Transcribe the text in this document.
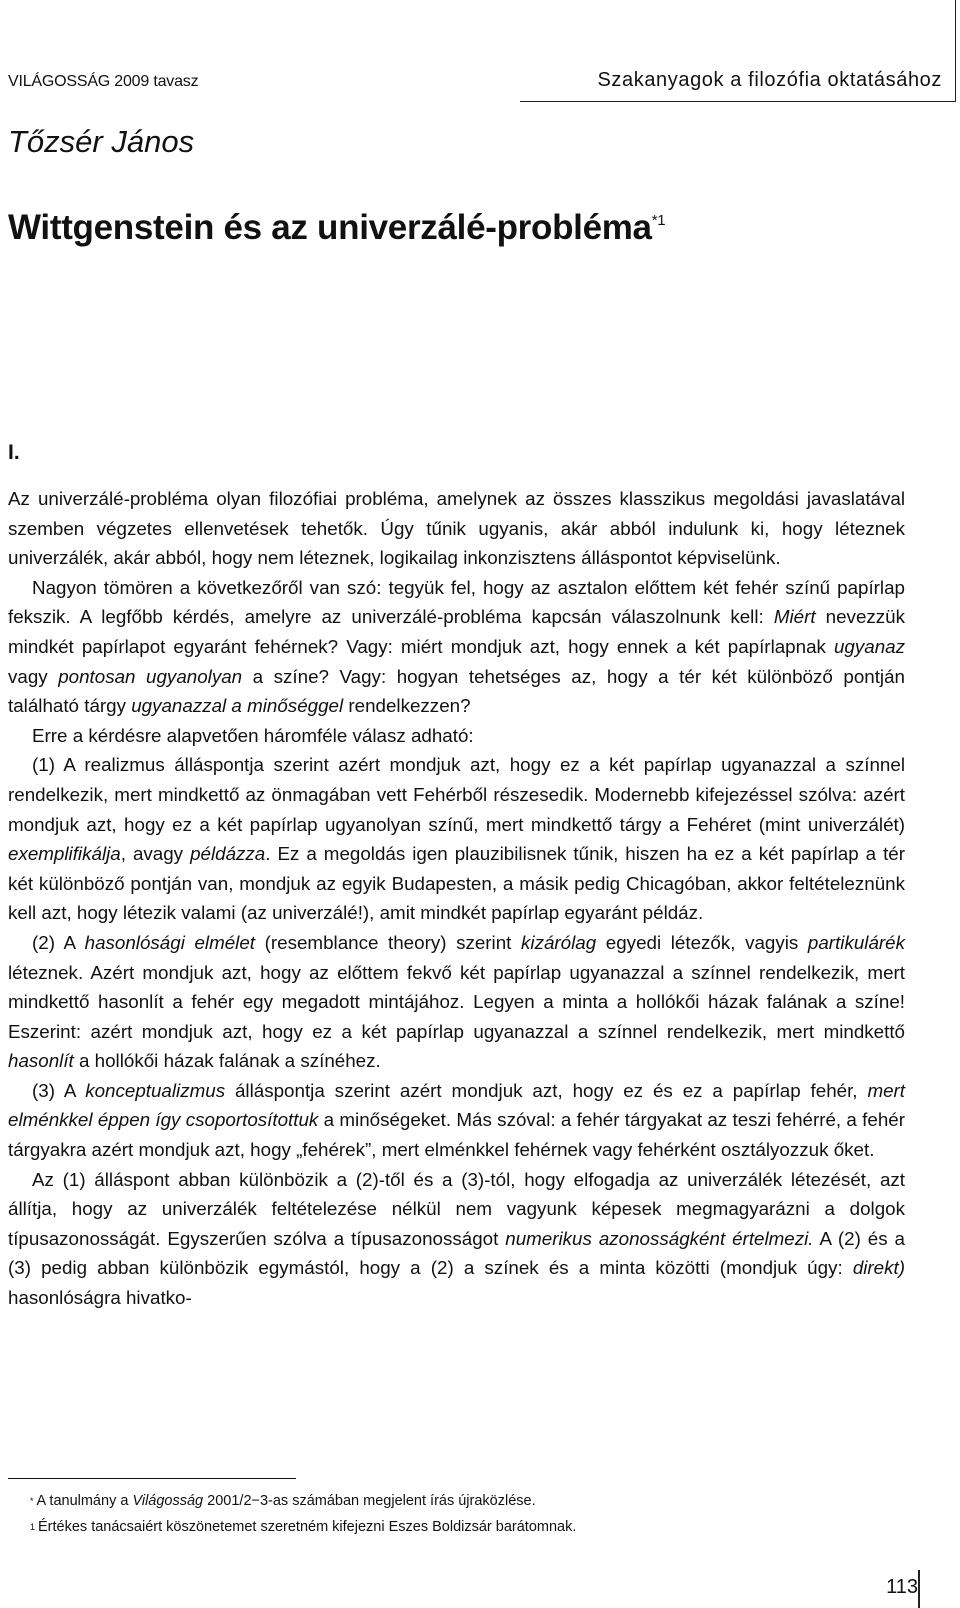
VILÁGOSSÁG 2009 tavasz	Szakanyagok a filozófia oktatásához
Tőzsér János
Wittgenstein és az univerzálé-probléma$^{*1}$
I.

Az univerzálé-probléma olyan filozófiai probléma, amelynek az összes klasszikus megoldási javaslatával szemben végzetes ellenvetések tehetők. Úgy tűnik ugyanis, akár abból indulunk ki, hogy léteznek univerzálék, akár abból, hogy nem léteznek, logikailag inkonzisztens álláspontot képviselünk.

Nagyon tömören a következőről van szó: tegyük fel, hogy az asztalon előttem két fehér színű papírlap fekszik. A legfőbb kérdés, amelyre az univerzálé-probléma kapcsán válaszolnunk kell: Miért nevezzük mindkét papírlapot egyaránt fehérnek? Vagy: miért mondjuk azt, hogy ennek a két papírlapnak ugyanaz vagy pontosan ugyanolyan a színe? Vagy: hogyan tehetséges az, hogy a tér két különböző pontján található tárgy ugyanazzal a minőséggel rendelkezzen?

Erre a kérdésre alapvetően háromféle válasz adható:

(1) A realizmus álláspontja szerint azért mondjuk azt, hogy ez a két papírlap ugyanazzal a színnel rendelkezik, mert mindkettő az önmagában vett Fehérből részesedik. Modernebb kifejezéssel szólva: azért mondjuk azt, hogy ez a két papírlap ugyanolyan színű, mert mindkettő tárgy a Fehéret (mint univerzálét) exemplifikálja, avagy példázza. Ez a megoldás igen plauzibilisnek tűnik, hiszen ha ez a két papírlap a tér két különböző pontján van, mondjuk az egyik Budapesten, a másik pedig Chicagóban, akkor feltételeznünk kell azt, hogy létezik valami (az univerzálé!), amit mindkét papírlap egyaránt példáz.

(2) A hasonlósági elmélet (resemblance theory) szerint kizárólag egyedi létezők, vagyis partikulárék léteznek. Azért mondjuk azt, hogy az előttem fekvő két papírlap ugyanazzal a színnel rendelkezik, mert mindkettő hasonlít a fehér egy megadott mintájához. Legyen a minta a hollókői házak falának a színe! Eszerint: azért mondjuk azt, hogy ez a két papírlap ugyanazzal a színnel rendelkezik, mert mindkettő hasonlít a hollókői házak falának a színéhez.

(3) A konceptualizmus álláspontja szerint azért mondjuk azt, hogy ez és ez a papírlap fehér, mert elménkkel éppen így csoportosítottuk a minőségeket. Más szóval: a fehér tárgyakat az teszi fehérré, a fehér tárgyakra azért mondjuk azt, hogy „fehérek”, mert elménkkel fehérnek vagy fehérként osztályozzuk őket.

Az (1) álláspont abban különbözik a (2)-től és a (3)-tól, hogy elfogadja az univerzálék létezését, azt állítja, hogy az univerzálék feltételezése nélkül nem vagyunk képesek megmagyarázni a dolgok típusazonosságát. Egyszerűen szólva a típusazonosságot numerikus azonosságként értelmezi. A (2) és a (3) pedig abban különbözik egymástól, hogy a (2) a színek és a minta közötti (mondjuk úgy: direkt) hasonlóságra hivatko-

* A tanulmány a Világosság 2001/2−3-as számában megjelent írás újraközlése.
$^1$ Értékes tanácsaiért köszönetemet szeretném kifejezni Eszes Boldizsár barátomnak.
113
